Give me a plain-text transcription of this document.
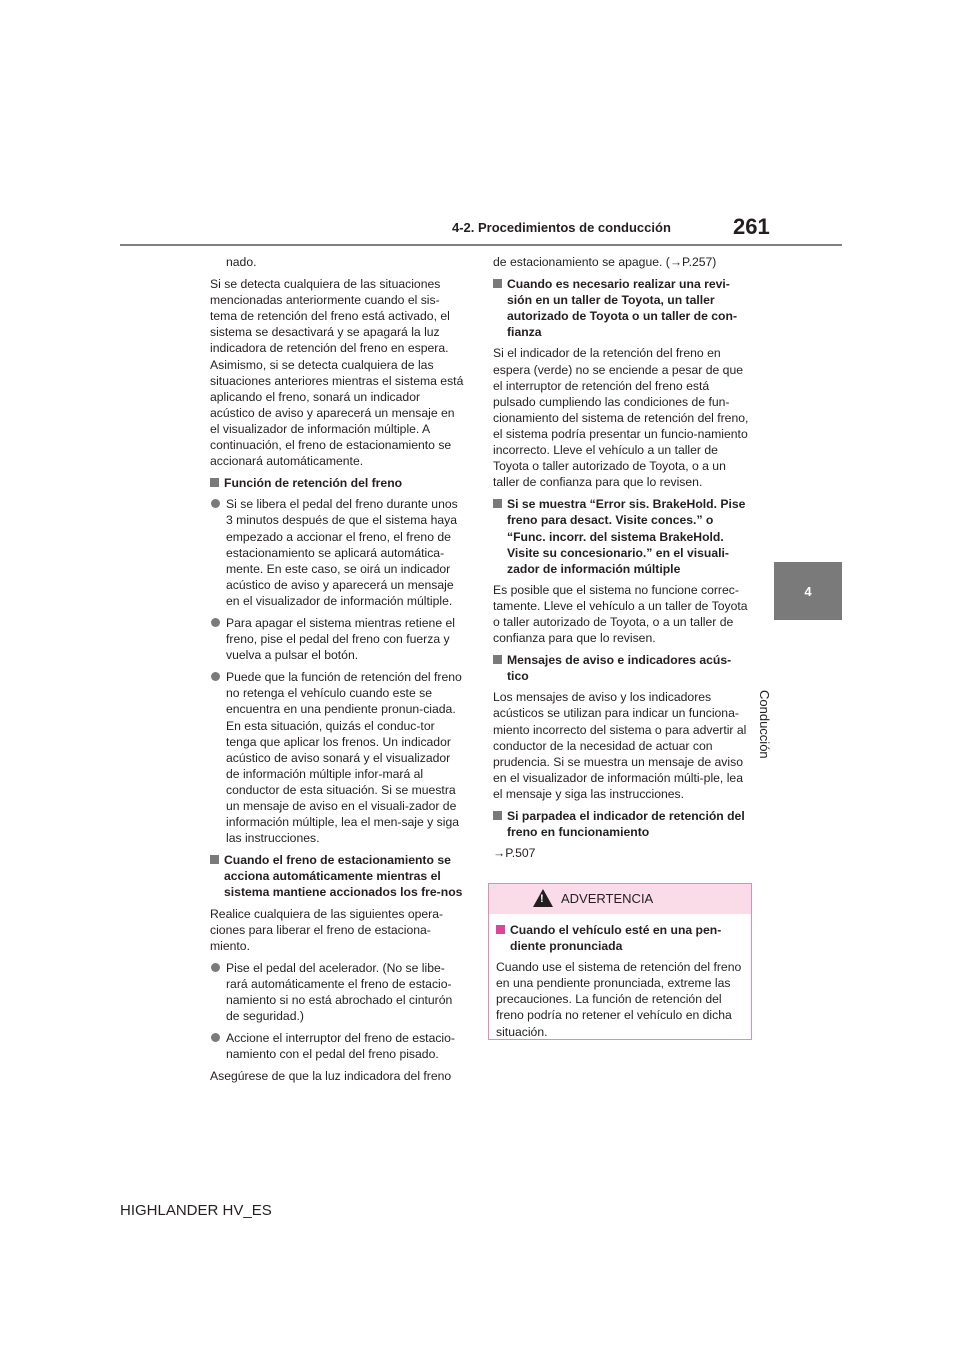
4-2. Procedimientos de conducción	261
4
Conducción

nado.

Si se detecta cualquiera de las situaciones mencionadas anteriormente cuando el sis-tema de retención del freno está activado, el sistema se desactivará y se apagará la luz indicadora de retención del freno en espera. Asimismo, si se detecta cualquiera de las situaciones anteriores mientras el sistema está aplicando el freno, sonará un indicador acústico de aviso y aparecerá un mensaje en el visualizador de información múltiple. A continuación, el freno de estacionamiento se accionará automáticamente.

Función de retención del freno
Si se libera el pedal del freno durante unos 3 minutos después de que el sistema haya empezado a accionar el freno, el freno de estacionamiento se aplicará automática-mente. En este caso, se oirá un indicador acústico de aviso y aparecerá un mensaje en el visualizador de información múltiple.
Para apagar el sistema mientras retiene el freno, pise el pedal del freno con fuerza y vuelva a pulsar el botón.
Puede que la función de retención del freno no retenga el vehículo cuando este se encuentra en una pendiente pronun-ciada. En esta situación, quizás el conduc-tor tenga que aplicar los frenos. Un indicador acústico de aviso sonará y el visualizador de información múltiple infor-mará al conductor de esta situación. Si se muestra un mensaje de aviso en el visuali-zador de información múltiple, lea el men-saje y siga las instrucciones.
Cuando el freno de estacionamiento se acciona automáticamente mientras el sistema mantiene accionados los fre-nos

Realice cualquiera de las siguientes opera-ciones para liberar el freno de estaciona-miento.

Pise el pedal del acelerador. (No se libe-rará automáticamente el freno de estacio-namiento si no está abrochado el cinturón de seguridad.)
Accione el interruptor del freno de estacio-namiento con el pedal del freno pisado.

Asegúrese de que la luz indicadora del freno

de estacionamiento se apague. (→P.257)

Cuando es necesario realizar una revi-sión en un taller de Toyota, un taller autorizado de Toyota o un taller de con-fianza

Si el indicador de la retención del freno en espera (verde) no se enciende a pesar de que el interruptor de retención del freno está pulsado cumpliendo las condiciones de fun-cionamiento del sistema de retención del freno, el sistema podría presentar un funcio-namiento incorrecto. Lleve el vehículo a un taller de Toyota o taller autorizado de Toyota, o a un taller de confianza para que lo revisen.

Si se muestra “Error sis. BrakeHold. Pise freno para desact. Visite conces.” o “Func. incorr. del sistema BrakeHold. Visite su concesionario.” en el visuali-zador de información múltiple

Es posible que el sistema no funcione correc-tamente. Lleve el vehículo a un taller de Toyota o taller autorizado de Toyota, o a un taller de confianza para que lo revisen.

Mensajes de aviso e indicadores acús-tico

Los mensajes de aviso y los indicadores acústicos se utilizan para indicar un funciona-miento incorrecto del sistema o para advertir al conductor de la necesidad de actuar con prudencia. Si se muestra un mensaje de aviso en el visualizador de información múlti-ple, lea el mensaje y siga las instrucciones.

Si parpadea el indicador de retención del freno en funcionamiento

→P.507

!
ADVERTENCIA
Cuando el vehículo esté en una pen-diente pronunciada

Cuando use el sistema de retención del freno en una pendiente pronunciada, extreme las precauciones. La función de retención del freno podría no retener el vehículo en dicha situación.

HIGHLANDER HV_ES
